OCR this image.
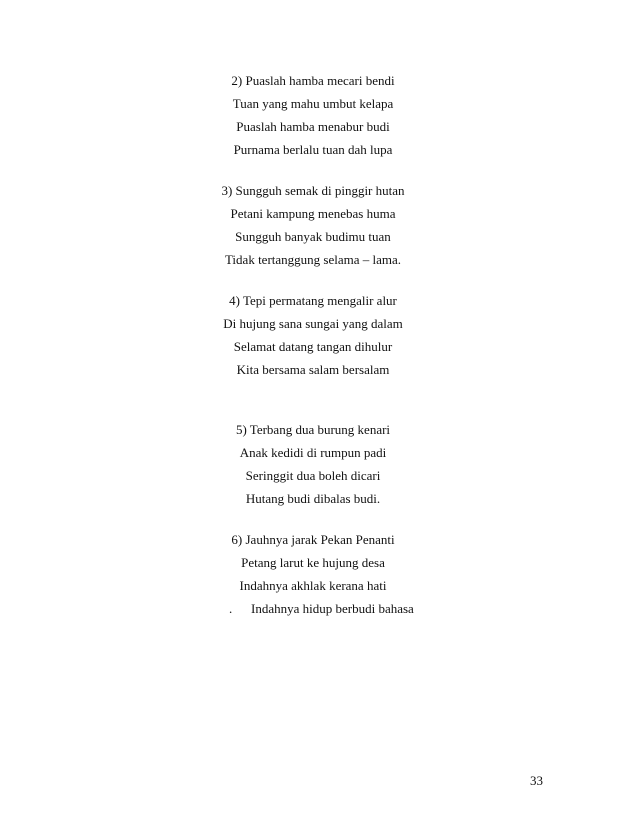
2) Puaslah hamba mecari bendi
Tuan yang mahu umbut kelapa
Puaslah hamba menabur budi
Purnama berlalu tuan dah lupa
3) Sungguh semak di pinggir hutan
Petani kampung menebas huma
Sungguh banyak budimu tuan
Tidak tertanggung selama – lama.
4) Tepi permatang mengalir alur
Di hujung sana sungai yang dalam
Selamat datang tangan dihulur
Kita bersama salam bersalam
5) Terbang dua burung kenari
Anak kedidi di rumpun padi
Seringgit dua boleh dicari
Hutang budi dibalas budi.
6) Jauhnya jarak Pekan Penanti
Petang larut ke hujung desa
Indahnya akhlak kerana hati
. Indahnya hidup berbudi bahasa
33
